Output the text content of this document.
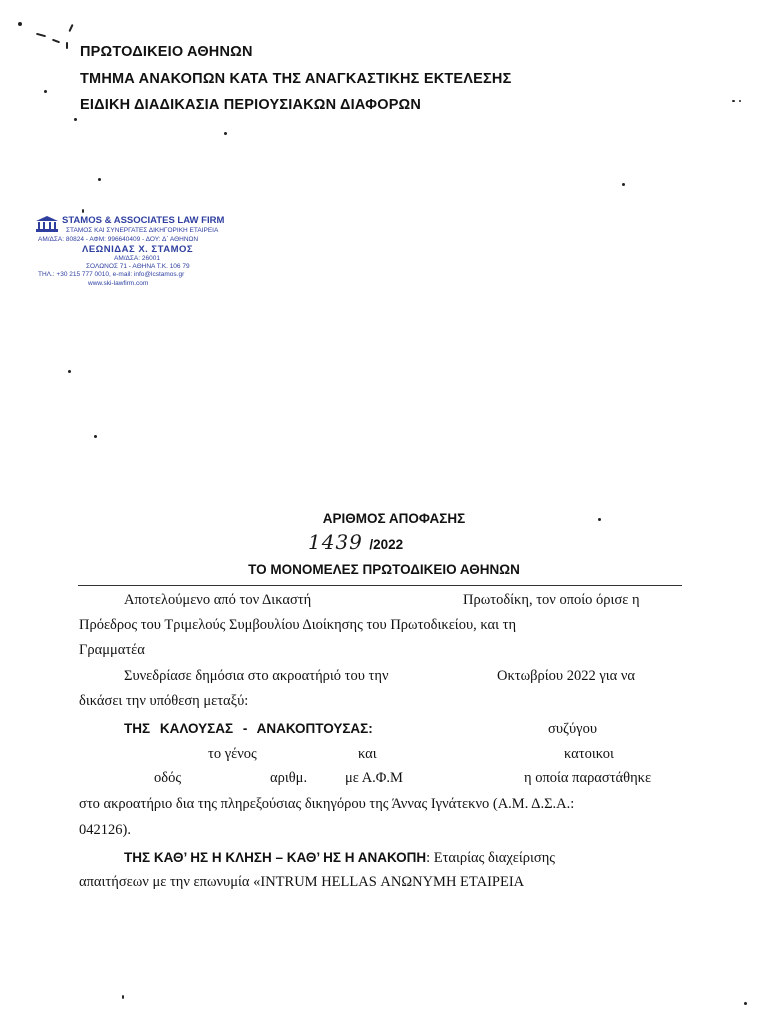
ΠΡΩΤΟΔΙΚΕΙΟ ΑΘΗΝΩΝ
ΤΜΗΜΑ ΑΝΑΚΟΠΩΝ ΚΑΤΑ ΤΗΣ ΑΝΑΓΚΑΣΤΙΚΗΣ ΕΚΤΕΛΕΣΗΣ
ΕΙΔΙΚΗ ΔΙΑΔΙΚΑΣΙΑ ΠΕΡΙΟΥΣΙΑΚΩΝ ΔΙΑΦΟΡΩΝ
STAMOS & ASSOCIATES LAW FIRM
ΣΤΑΜΟΣ ΚΑΙ ΣΥΝΕΡΓΑΤΕΣ ΔΙΚΗΓΟΡΙΚΗ ΕΤΑΙΡΕΙΑ
ΑΜ/ΔΣΑ: 80824 - ΑΦΜ: 996640409 - ΔΟΥ: Δ΄ ΑΘΗΝΩΝ
ΛΕΩΝΙΔΑΣ Χ. ΣΤΑΜΟΣ
ΑΜ/ΔΣΑ: 26001
ΣΟΛΩΝΟΣ 71 - ΑΘΗΝΑ Τ.Κ. 106 79
ΤΗΛ.: +30 215 777 0010, e-mail: info@lcstamos.gr
www.ski-lawfirm.com
ΑΡΙΘΜΟΣ ΑΠΟΦΑΣΗΣ
1439 /2022
ΤΟ ΜΟΝΟΜΕΛΕΣ ΠΡΩΤΟΔΙΚΕΙΟ ΑΘΗΝΩΝ
Αποτελούμενο από τον Δικαστή	Πρωτοδίκη, τον οποίο όρισε η
Πρόεδρος του Τριμελούς Συμβουλίου Διοίκησης του Πρωτοδικείου, και τη
Γραμματέα
Συνεδρίασε δημόσια στο ακροατήριό του την	Οκτωβρίου 2022 για να
δικάσει την υπόθεση μεταξύ:
ΤΗΣ ΚΑΛΟΥΣΑΣ - ΑΝΑΚΟΠΤΟΥΣΑΣ:	συζύγου
το γένος	και	κατοικοι
οδός	αριθμ.	με Α.Φ.Μ	η οποία παραστάθηκε
στο ακροατήριο δια της πληρεξούσιας δικηγόρου της Άννας Ιγνάτεκνο (Α.Μ. Δ.Σ.Α.:
042126).
ΤΗΣ ΚΑΘ’ ΗΣ Η ΚΛΗΣΗ – ΚΑΘ’ ΗΣ Η ΑΝΑΚΟΠΗ: Εταιρίας διαχείρισης
απαιτήσεων με την επωνυμία «INTRUM HELLAS ΑΝΩΝΥΜΗ ΕΤΑΙΡΕΙΑ
